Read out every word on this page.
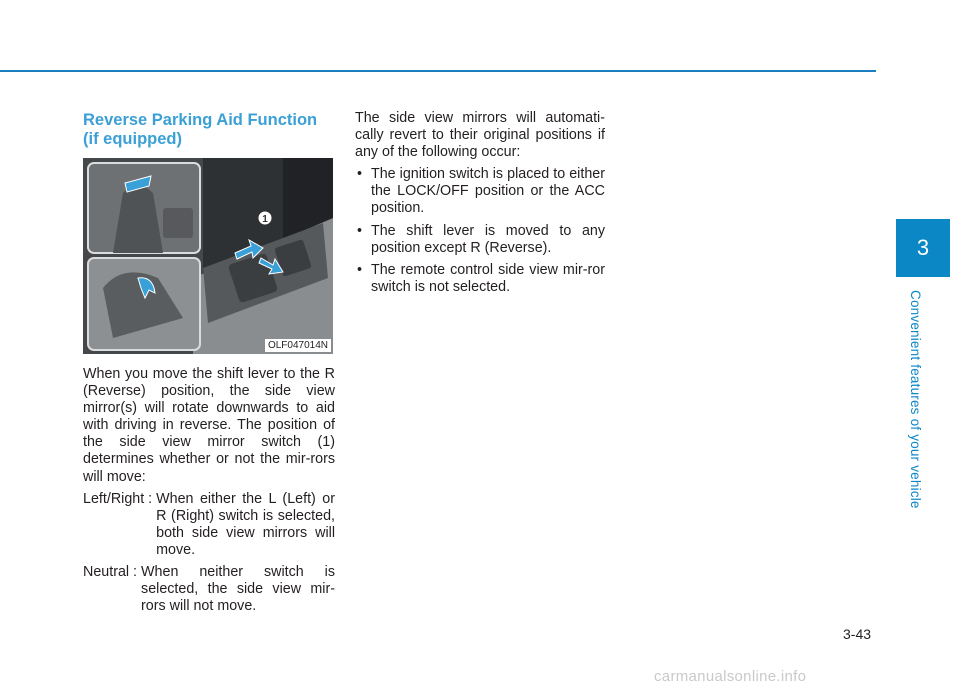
Reverse Parking Aid Function
(if equipped)
1
OLF047014N

When you move the shift lever to the R (Reverse) position, the side view mirror(s) will rotate downwards to aid with driving in reverse. The position of the side view mirror switch (1) determines whether or not the mir-rors will move:

Left/Right : When either the L (Left) or R (Right) switch is selected, both side view mirrors will move.
Neutral : When neither switch is selected, the side view mir-rors will not move.

The side view mirrors will automati-cally revert to their original positions if any of the following occur:

• The ignition switch is placed to either the LOCK/OFF position or the ACC position.
• The shift lever is moved to any position except R (Reverse).
• The remote control side view mir-ror switch is not selected.
3
Convenient features of your vehicle
3-43
carmanualsonline.info
